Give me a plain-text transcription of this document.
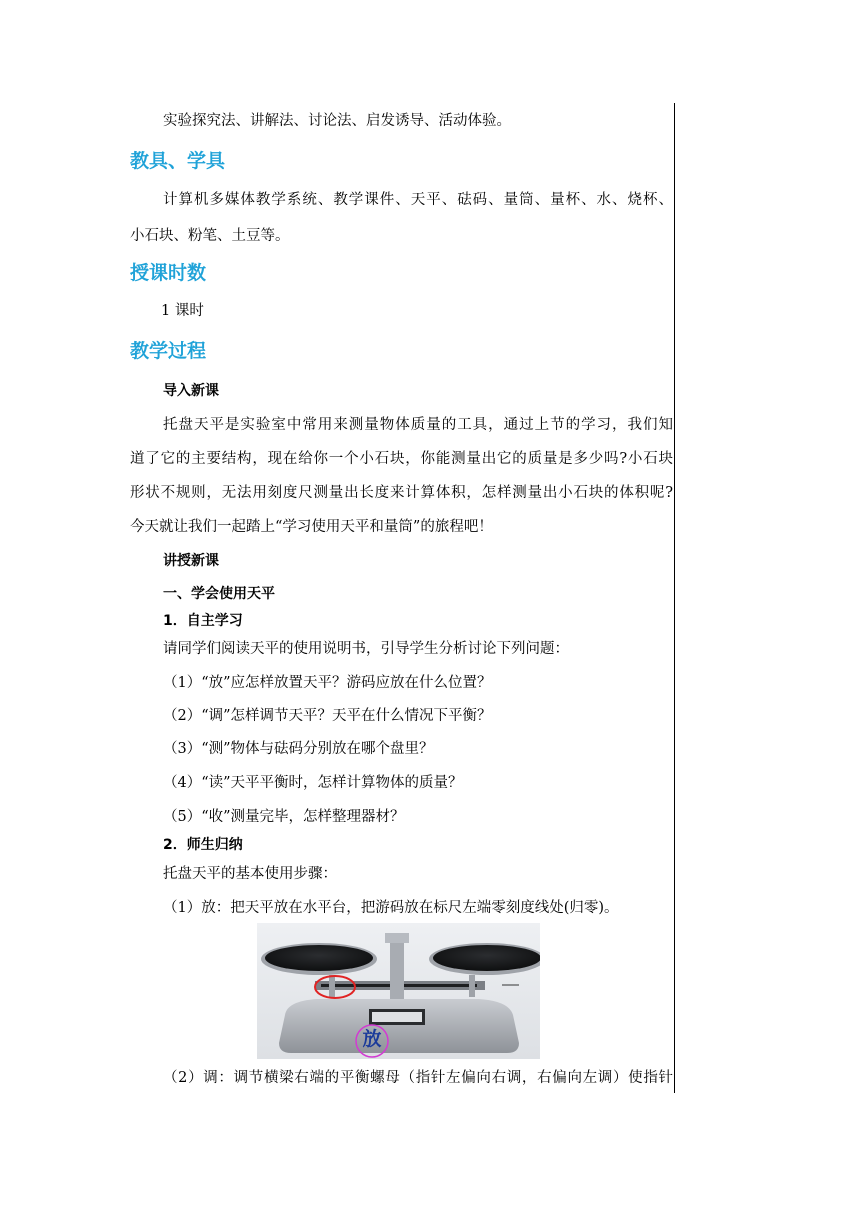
实验探究法、讲解法、讨论法、启发诱导、活动体验。
教具、学具
计算机多媒体教学系统、教学课件、天平、砝码、量筒、量杯、水、烧杯、
小石块、粉笔、土豆等。
授课时数
1 课时
教学过程
导入新课
托盘天平是实验室中常用来测量物体质量的工具，通过上节的学习，我们知
道了它的主要结构，现在给你一个小石块，你能测量出它的质量是多少吗?小石块
形状不规则，无法用刻度尺测量出长度来计算体积，怎样测量出小石块的体积呢?
今天就让我们一起踏上“学习使用天平和量筒”的旅程吧！
讲授新课
一、学会使用天平
1．自主学习
请同学们阅读天平的使用说明书，引导学生分析讨论下列问题：
（1）“放”应怎样放置天平？游码应放在什么位置？
（2）“调”怎样调节天平？天平在什么情况下平衡？
（3）“测”物体与砝码分别放在哪个盘里？
（4）“读”天平平衡时，怎样计算物体的质量？
（5）“收”测量完毕，怎样整理器材？
2．师生归纳
托盘天平的基本使用步骤：
（1）放：把天平放在水平台，把游码放在标尺左端零刻度线处(归零)。
放
（2）调：调节横梁右端的平衡螺母（指针左偏向右调，右偏向左调）使指针
